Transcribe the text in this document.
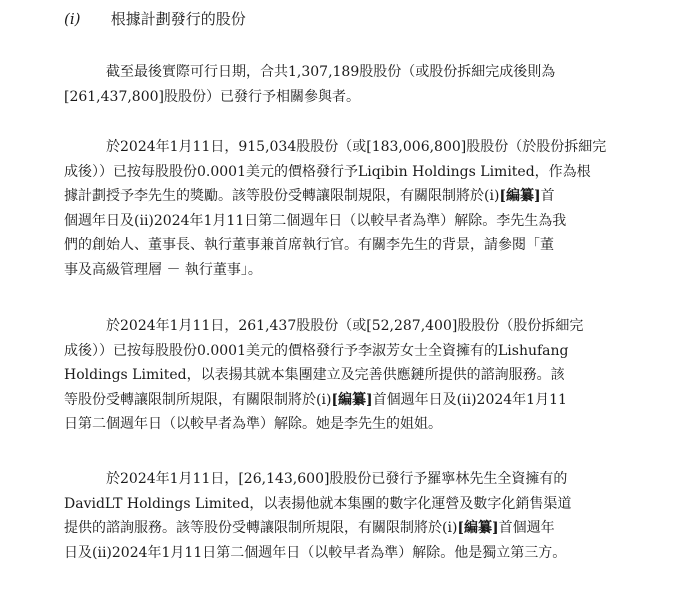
(i) 根據計劃發行的股份
截至最後實際可行日期，合共1,307,189股股份（或股份拆細完成後則為
[261,437,800]股股份）已發行予相關參與者。
於2024年1月11日，915,034股股份（或[183,006,800]股股份（於股份拆細完
成後））已按每股股份0.0001美元的價格發行予Liqibin Holdings Limited，作為根
據計劃授予李先生的獎勵。該等股份受轉讓限制規限，有關限制將於(i)[編纂]首
個週年日及(ii)2024年1月11日第二個週年日（以較早者為準）解除。李先生為我
們的創始人、董事長、執行董事兼首席執行官。有關李先生的背景，請參閱「董
事及高級管理層 － 執行董事」。
於2024年1月11日，261,437股股份（或[52,287,400]股股份（股份拆細完
成後））已按每股股份0.0001美元的價格發行予李淑芳女士全資擁有的Lishufang
Holdings Limited，以表揚其就本集團建立及完善供應鏈所提供的諮詢服務。該
等股份受轉讓限制所規限，有關限制將於(i)[編纂]首個週年日及(ii)2024年1月11
日第二個週年日（以較早者為準）解除。她是李先生的姐姐。
於2024年1月11日，[26,143,600]股股份已發行予羅寧林先生全資擁有的
DavidLT Holdings Limited，以表揚他就本集團的數字化運營及數字化銷售渠道
提供的諮詢服務。該等股份受轉讓限制所規限，有關限制將於(i)[編纂]首個週年
日及(ii)2024年1月11日第二個週年日（以較早者為準）解除。他是獨立第三方。
